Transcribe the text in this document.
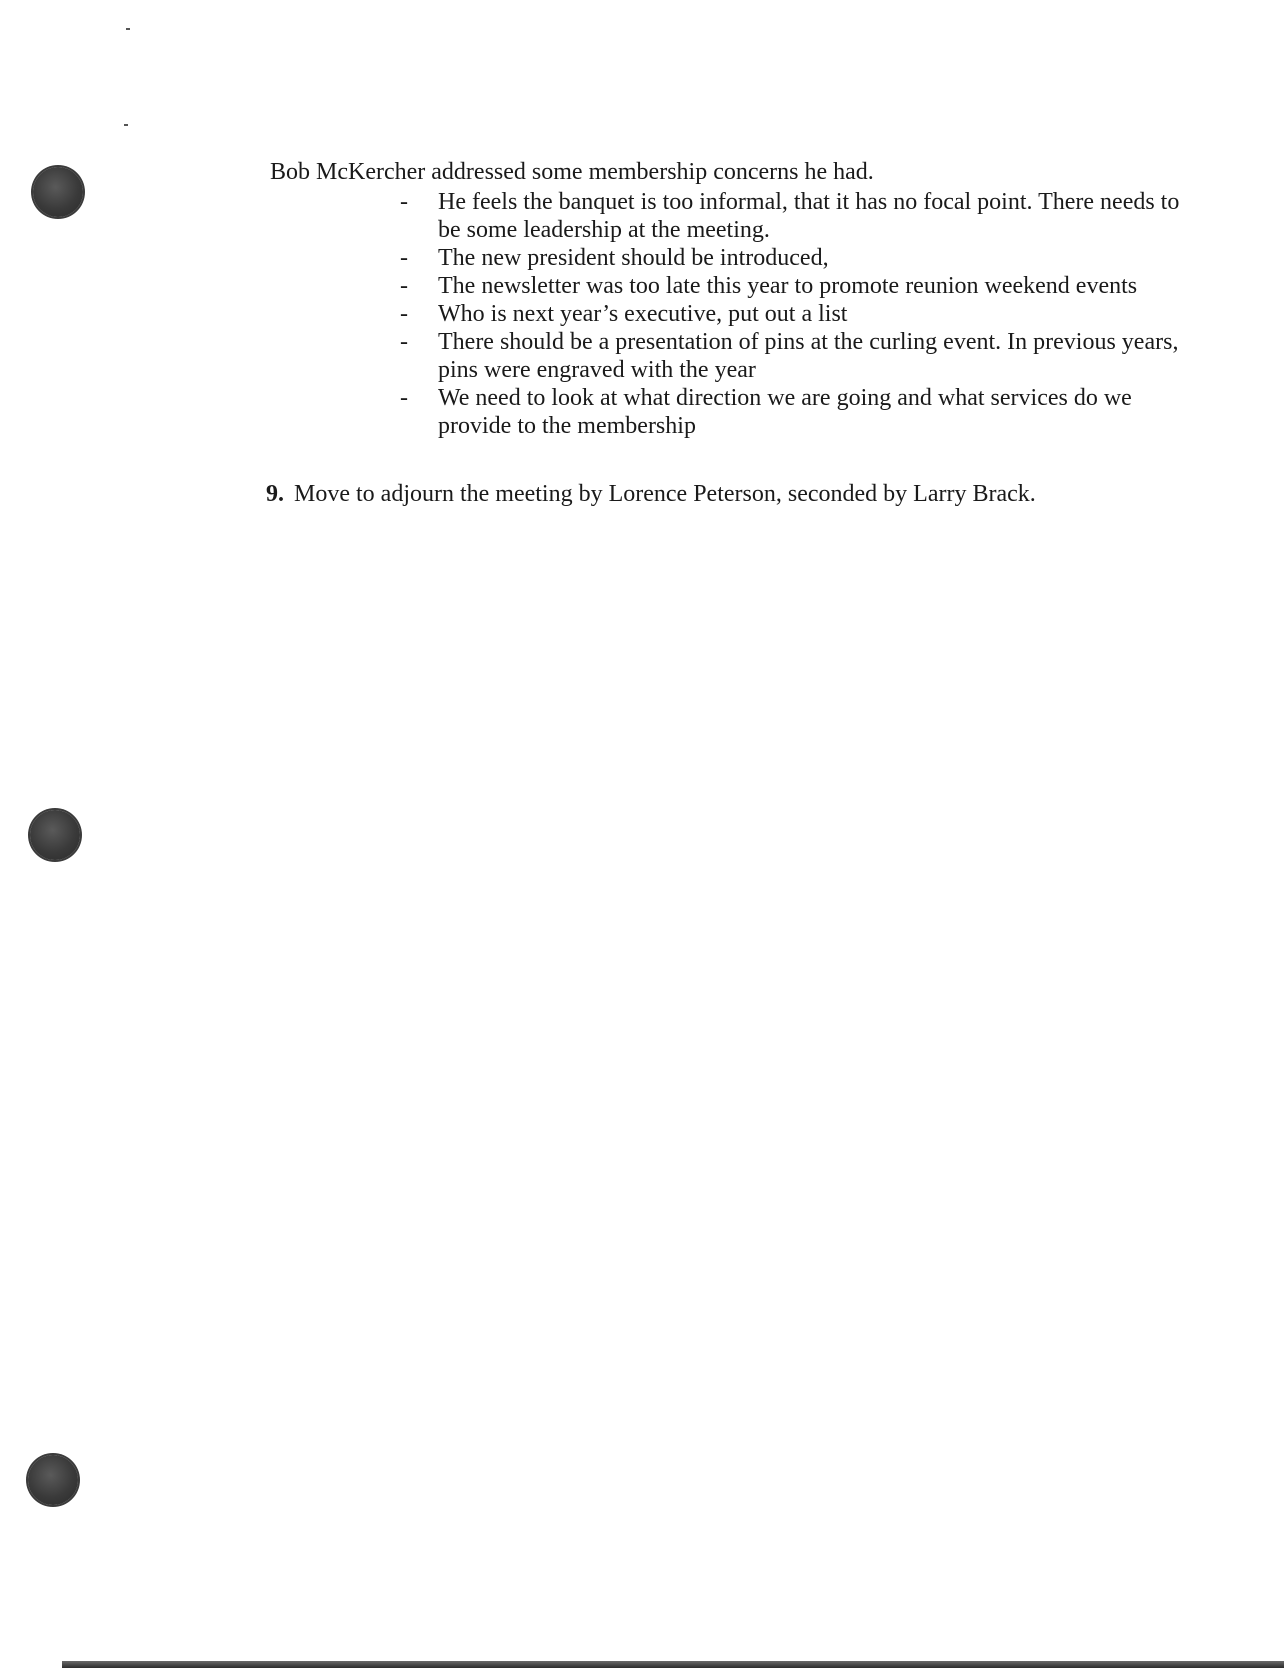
Bob McKercher addressed some membership concerns he had.
- He feels the banquet is too informal, that it has no focal point. There needs to be some leadership at the meeting.
- The new president should be introduced,
- The newsletter was too late this year to promote reunion weekend events
- Who is next year’s executive, put out a list
- There should be a presentation of pins at the curling event. In previous years, pins were engraved with the year
- We need to look at what direction we are going and what services do we provide to the membership
9. Move to adjourn the meeting by Lorence Peterson, seconded by Larry Brack.
